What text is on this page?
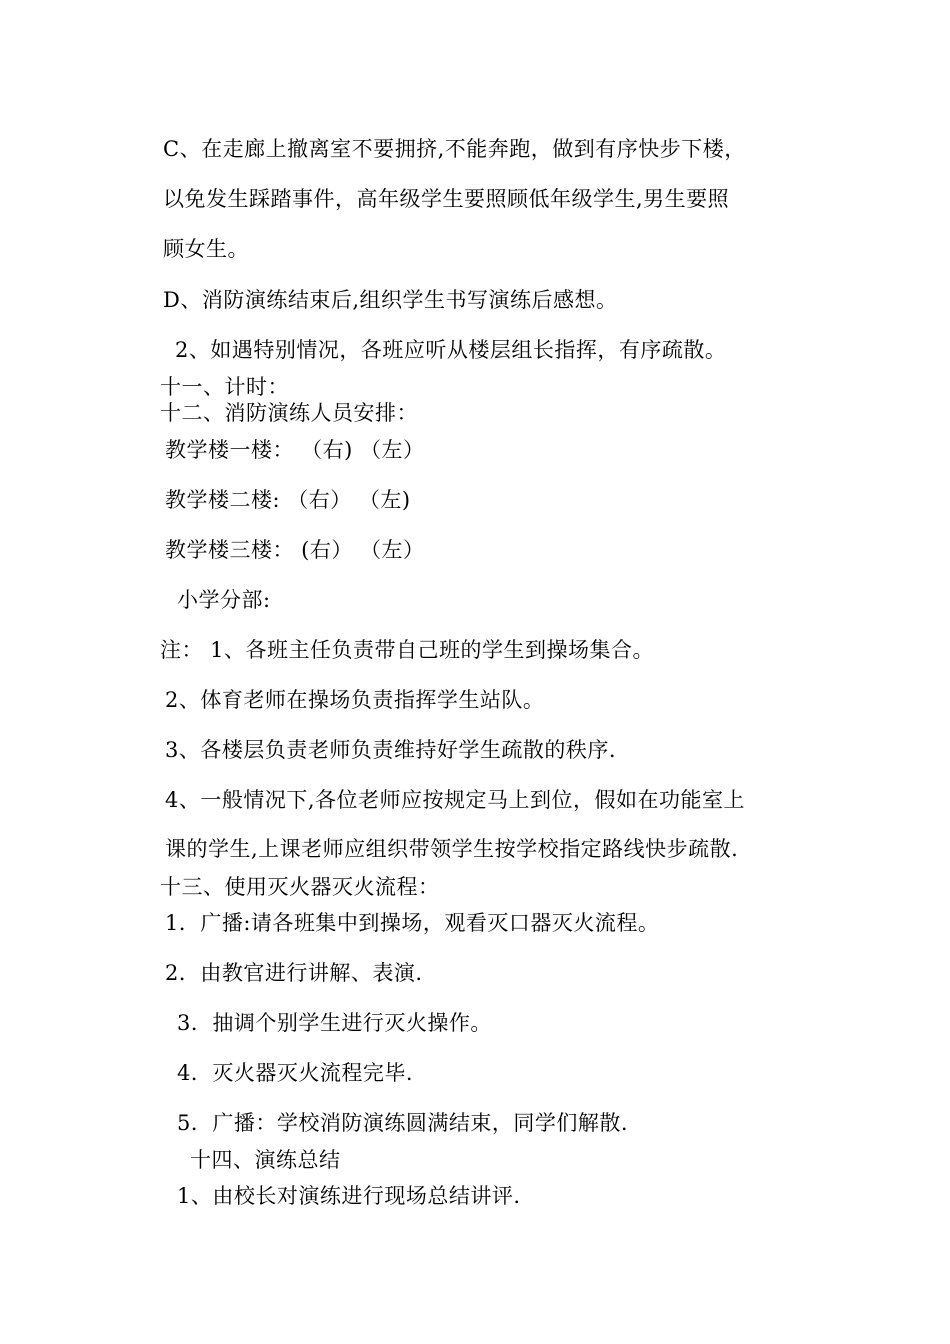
C、在走廊上撤离室不要拥挤,不能奔跑，做到有序快步下楼，
以免发生踩踏事件，高年级学生要照顾低年级学生,男生要照
顾女生。
D、消防演练结束后,组织学生书写演练后感想。
2、如遇特别情况，各班应听从楼层组长指挥，有序疏散。
十一、计时：
十二、消防演练人员安排：
教学楼一楼： （右) （左）
教学楼二楼: （右） （左)
教学楼三楼： (右） （左）
小学分部:
注： 1、各班主任负责带自己班的学生到操场集合。
2、体育老师在操场负责指挥学生站队。
3、各楼层负责老师负责维持好学生疏散的秩序.
4、一般情况下,各位老师应按规定马上到位，假如在功能室上
课的学生,上课老师应组织带领学生按学校指定路线快步疏散.
十三、使用灭火器灭火流程：
1．广播:请各班集中到操场，观看灭口器灭火流程。
2．由教官进行讲解、表演.
3．抽调个别学生进行灭火操作。
4．灭火器灭火流程完毕.
5．广播：学校消防演练圆满结束，同学们解散.
十四、演练总结
1、由校长对演练进行现场总结讲评.
